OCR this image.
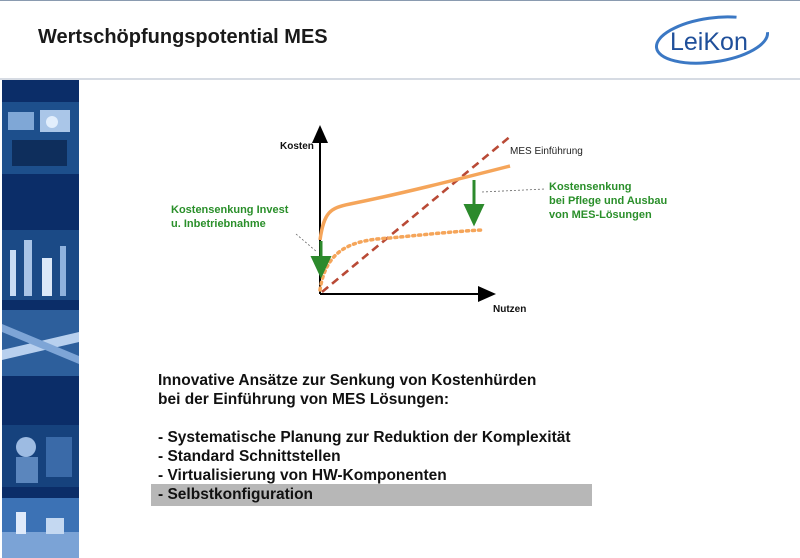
Wertschöpfungspotential MES	LeiKon
Kosten
Nutzen
MES Einführung
Kostensenkung Invest
u. Inbetriebnahme
Kostensenkung
bei Pflege und Ausbau
von MES-Lösungen
Innovative Ansätze zur Senkung von Kostenhürden
bei der Einführung von MES Lösungen:
- Systematische Planung zur Reduktion der Komplexität
- Standard Schnittstellen
- Virtualisierung von HW-Komponenten
- Selbstkonfiguration
